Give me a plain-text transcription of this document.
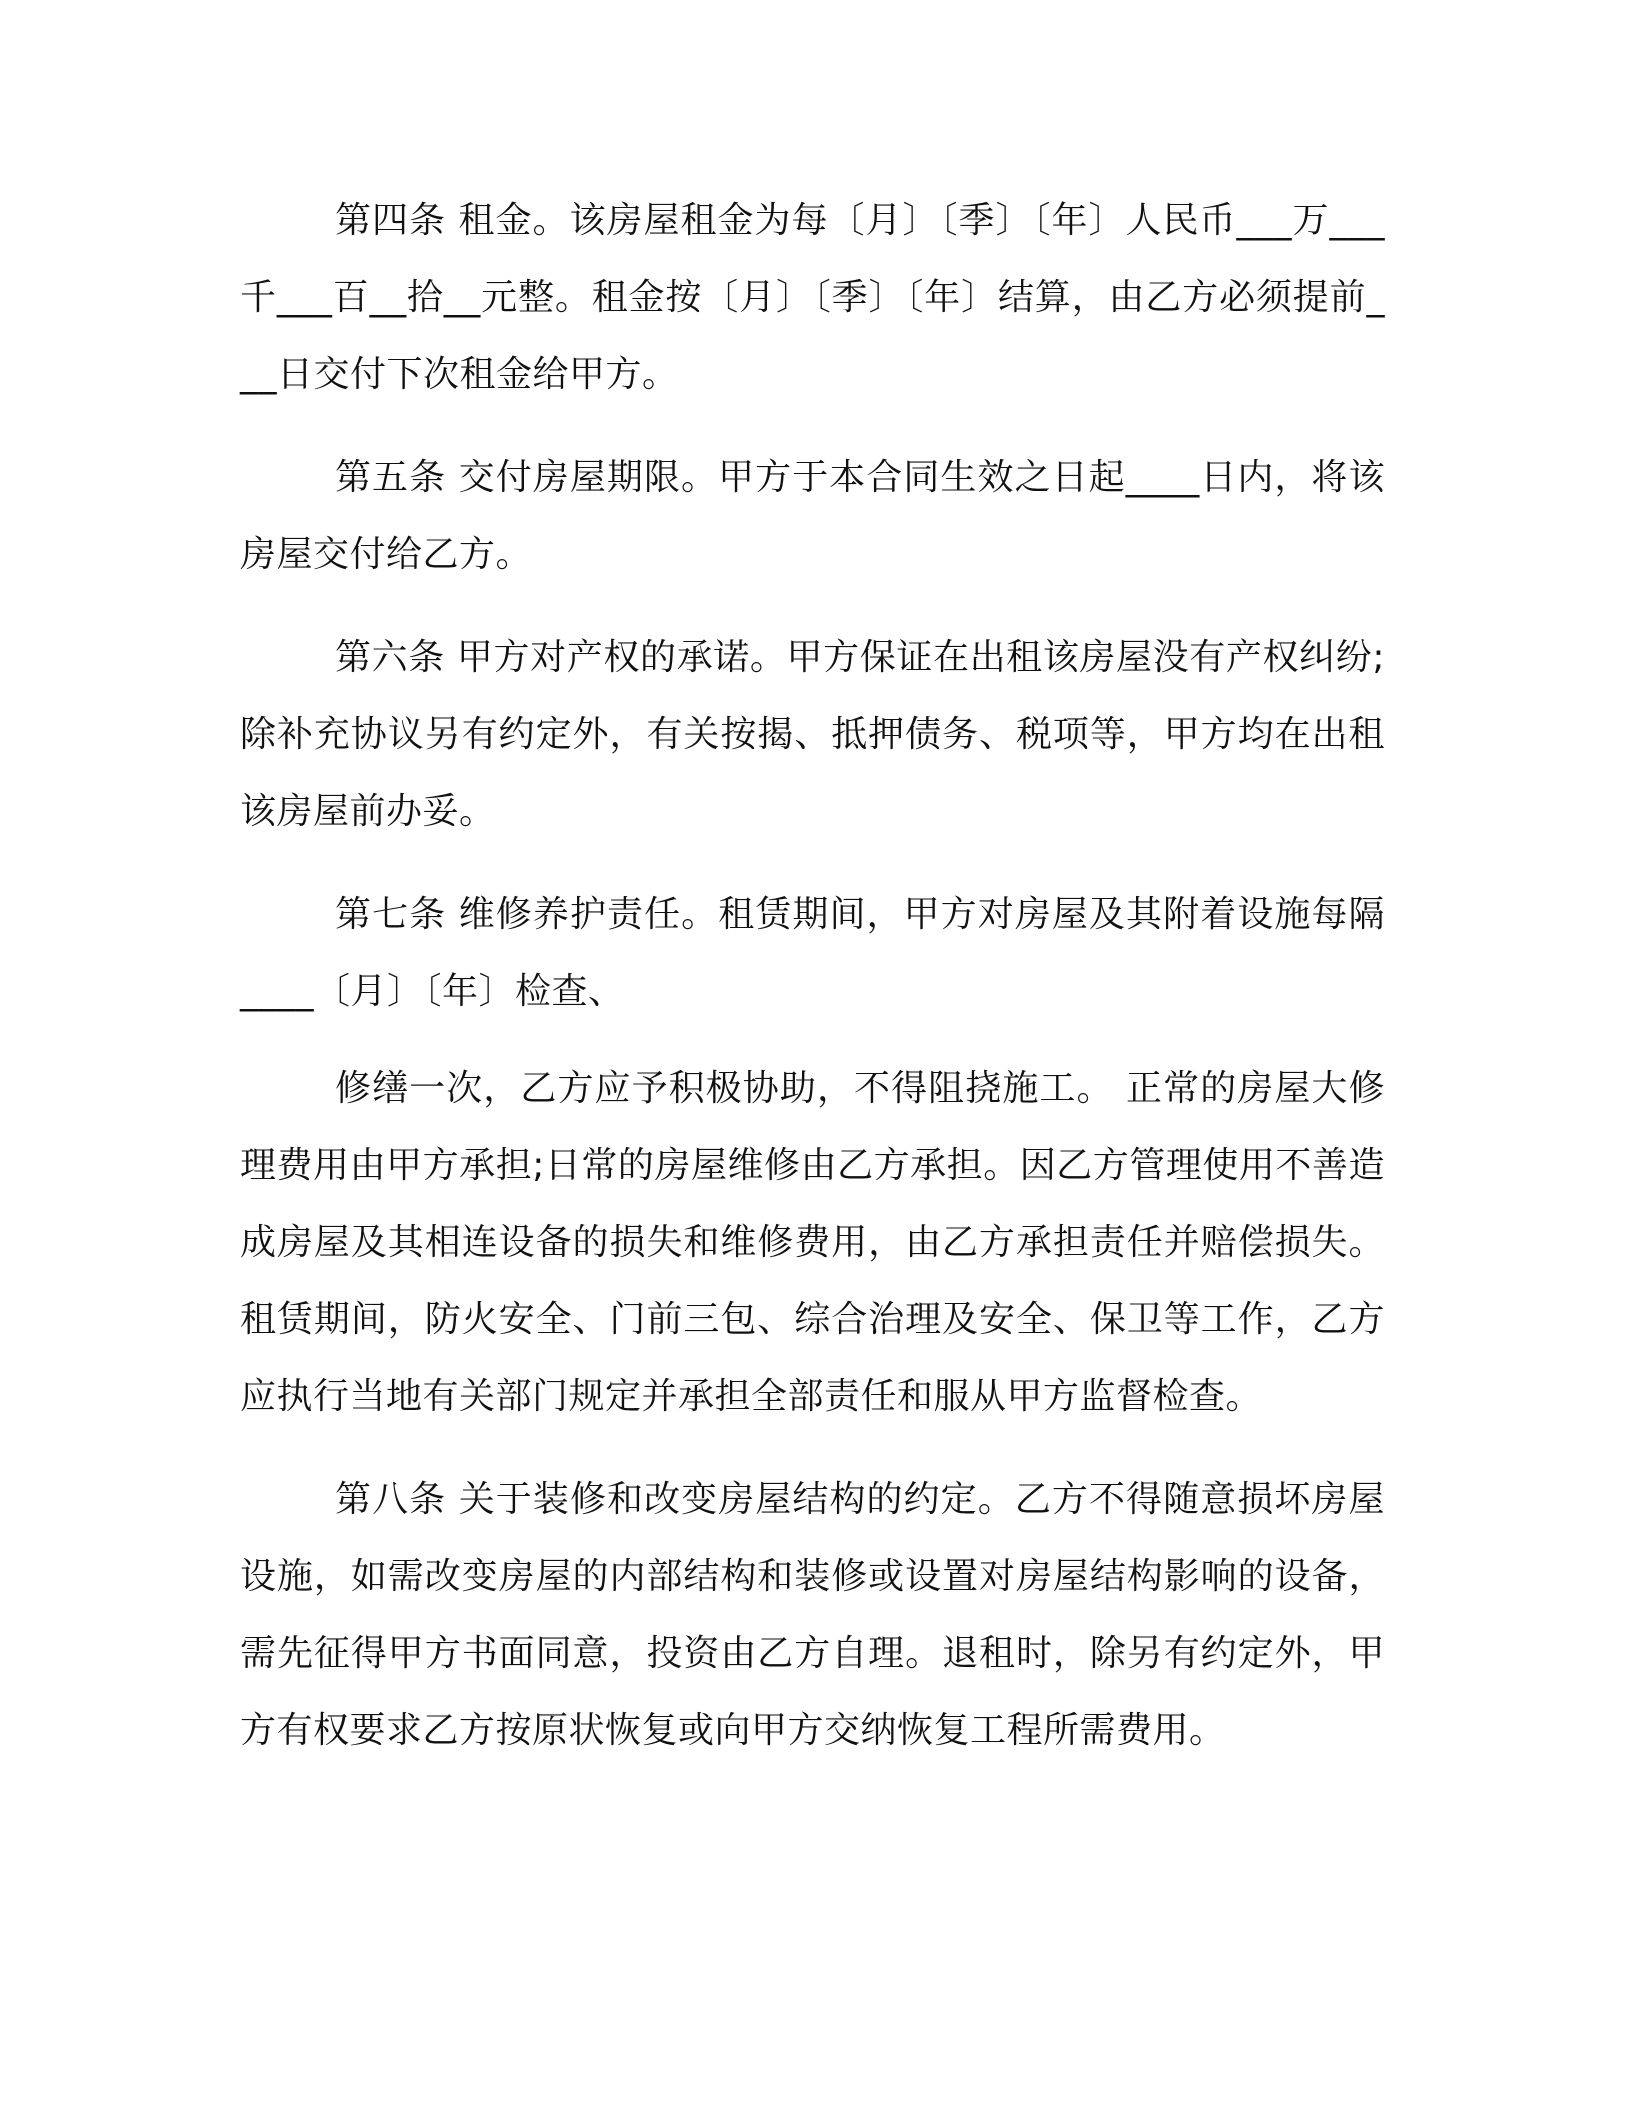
第四条 租金。该房屋租金为每〔月〕〔季〕〔年〕人民币___万___千___百__拾__元整。租金按〔月〕〔季〕〔年〕结算，由乙方必须提前___日交付下次租金给甲方。

第五条 交付房屋期限。甲方于本合同生效之日起____日内，将该房屋交付给乙方。

第六条 甲方对产权的承诺。甲方保证在出租该房屋没有产权纠纷;除补充协议另有约定外，有关按揭、抵押债务、税项等，甲方均在出租该房屋前办妥。

第七条 维修养护责任。租赁期间，甲方对房屋及其附着设施每隔 ____〔月〕〔年〕检查、

修缮一次，乙方应予积极协助，不得阻挠施工。 正常的房屋大修理费用由甲方承担;日常的房屋维修由乙方承担。因乙方管理使用不善造成房屋及其相连设备的损失和维修费用，由乙方承担责任并赔偿损失。租赁期间，防火安全、门前三包、综合治理及安全、保卫等工作，乙方应执行当地有关部门规定并承担全部责任和服从甲方监督检查。

第八条 关于装修和改变房屋结构的约定。乙方不得随意损坏房屋设施，如需改变房屋的内部结构和装修或设置对房屋结构影响的设备，需先征得甲方书面同意，投资由乙方自理。退租时，除另有约定外，甲方有权要求乙方按原状恢复或向甲方交纳恢复工程所需费用。
